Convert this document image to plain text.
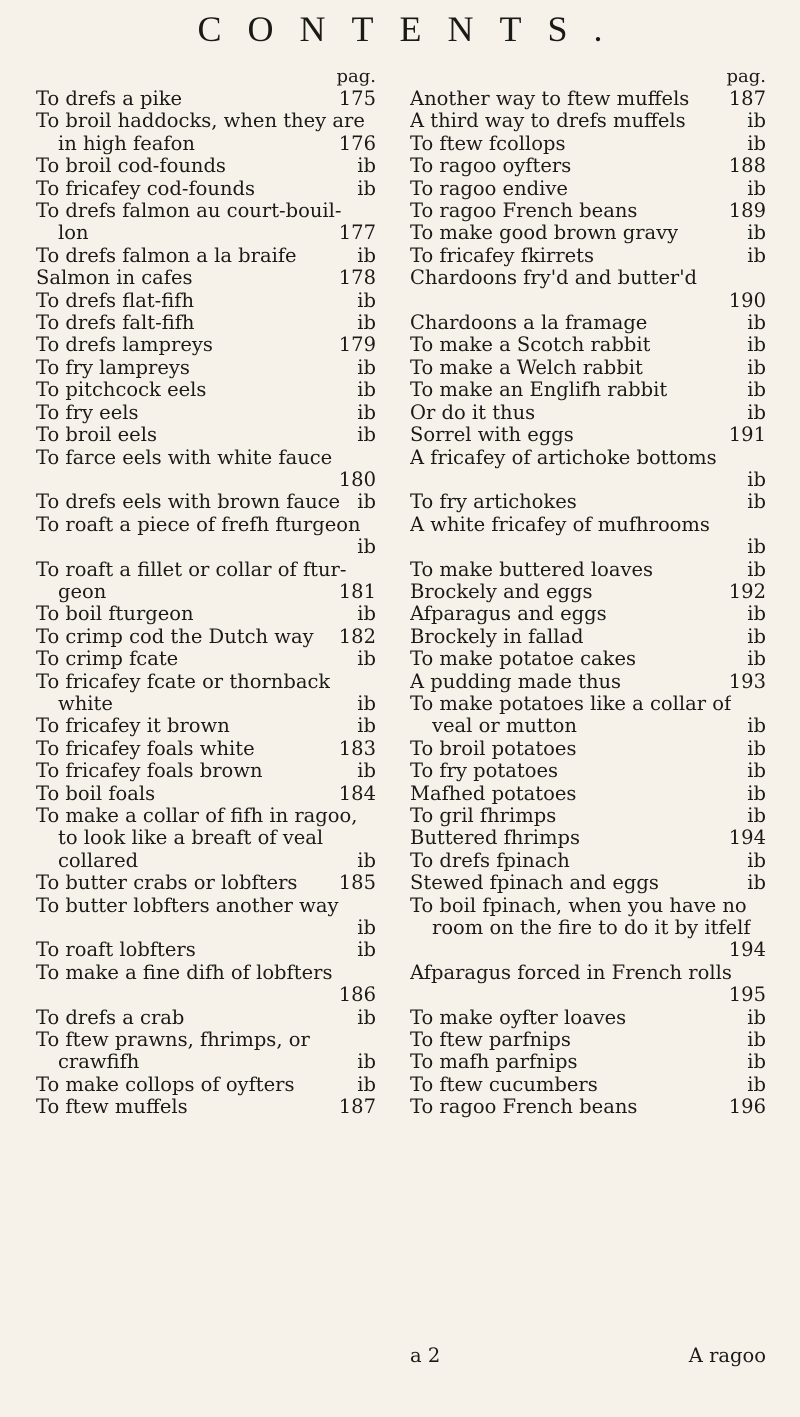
CONTENTS.
pag.
To drefs a pike	175
To broil haddocks, when they are
in high feafon	176
To broil cod-founds	ib
To fricafey cod-founds	ib
To drefs falmon au court-bouil-
lon	177
To drefs falmon a la braife	ib
Salmon in cafes	178
To drefs flat-fifh	ib
To drefs falt-fifh	ib
To drefs lampreys	179
To fry lampreys	ib
To pitchcock eels	ib
To fry eels	ib
To broil eels	ib
To farce eels with white fauce
180
To drefs eels with brown fauce ib
To roaft a piece of frefh fturgeon
ib
To roaft a fillet or collar of ftur-
geon	181
To boil fturgeon	ib
To crimp cod the Dutch way 182
To crimp fcate	ib
To fricafey fcate or thornback
white	ib
To fricafey it brown	ib
To fricafey foals white	183
To fricafey foals brown	ib
To boil foals	184
To make a collar of fifh in ragoo,
to look like a breaft of veal
collared	ib
To butter crabs or lobfters 185
To butter lobfters another way
ib
To roaft lobfters	ib
To make a fine difh of lobfters
186
To drefs a crab	ib
To ftew prawns, fhrimps, or
crawfifh	ib
To make collops of oyfters	ib
To ftew muffels	187
pag.
Another way to ftew muffels 187
A third way to drefs muffels	ib
To ftew fcollops	ib
To ragoo oyfters	188
To ragoo endive	ib
To ragoo French beans	189
To make good brown gravy	ib
To fricafey fkirrets	ib
Chardoons fry'd and butter'd
190
Chardoons a la framage	ib
To make a Scotch rabbit	ib
To make a Welch rabbit	ib
To make an Englifh rabbit	ib
Or do it thus	ib
Sorrel with eggs	191
A fricafey of artichoke bottoms
ib
To fry artichokes	ib
A white fricafey of mufhrooms
ib
To make buttered loaves	ib
Brockely and eggs	192
Afparagus and eggs	ib
Brockely in fallad	ib
To make potatoe cakes	ib
A pudding made thus	193
To make potatoes like a collar of
veal or mutton	ib
To broil potatoes	ib
To fry potatoes	ib
Mafhed potatoes	ib
To gril fhrimps	ib
Buttered fhrimps	194
To drefs fpinach	ib
Stewed fpinach and eggs	ib
To boil fpinach, when you have no
room on the fire to do it by itfelf
194
Afparagus forced in French rolls
195
To make oyfter loaves	ib
To ftew parfnips	ib
To mafh parfnips	ib
To ftew cucumbers	ib
To ragoo French beans	196
a 2	A ragoo
